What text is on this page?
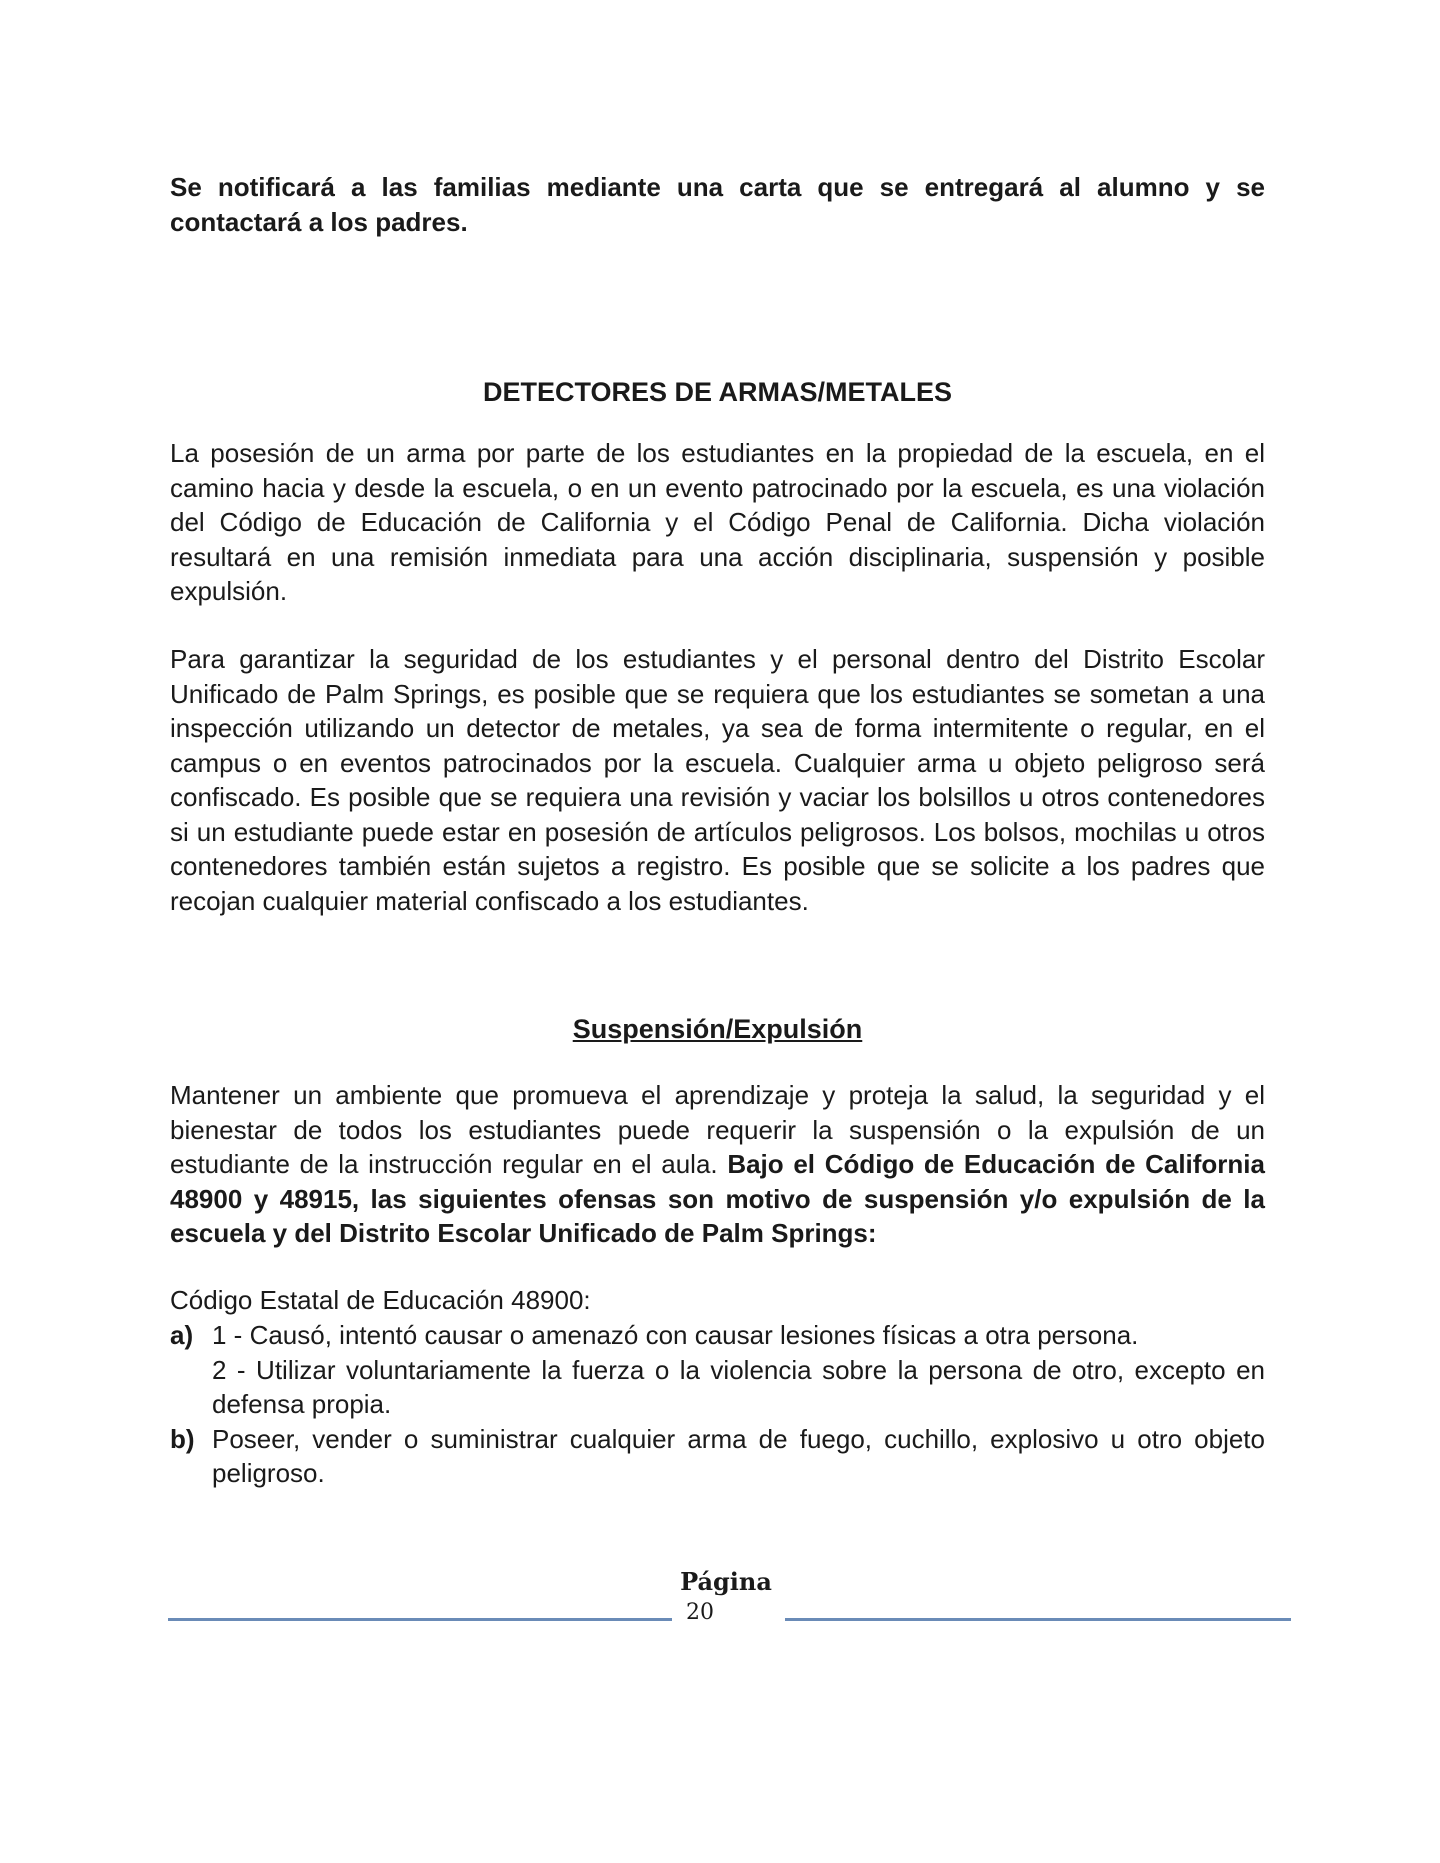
Se notificará a las familias mediante una carta que se entregará al alumno y se contactará a los padres.

DETECTORES DE ARMAS/METALES

La posesión de un arma por parte de los estudiantes en la propiedad de la escuela, en el camino hacia y desde la escuela, o en un evento patrocinado por la escuela, es una violación del Código de Educación de California y el Código Penal de California. Dicha violación resultará en una remisión inmediata para una acción disciplinaria, suspensión y posible expulsión.

Para garantizar la seguridad de los estudiantes y el personal dentro del Distrito Escolar Unificado de Palm Springs, es posible que se requiera que los estudiantes se sometan a una inspección utilizando un detector de metales, ya sea de forma intermitente o regular, en el campus o en eventos patrocinados por la escuela. Cualquier arma u objeto peligroso será confiscado. Es posible que se requiera una revisión y vaciar los bolsillos u otros contenedores si un estudiante puede estar en posesión de artículos peligrosos. Los bolsos, mochilas u otros contenedores también están sujetos a registro. Es posible que se solicite a los padres que recojan cualquier material confiscado a los estudiantes.

Suspensión/Expulsión

Mantener un ambiente que promueva el aprendizaje y proteja la salud, la seguridad y el bienestar de todos los estudiantes puede requerir la suspensión o la expulsión de un estudiante de la instrucción regular en el aula. Bajo el Código de Educación de California 48900 y 48915, las siguientes ofensas son motivo de suspensión y/o expulsión de la escuela y del Distrito Escolar Unificado de Palm Springs:

Código Estatal de Educación 48900:

a) 1 - Causó, intentó causar o amenazó con causar lesiones físicas a otra persona.
2 - Utilizar voluntariamente la fuerza o la violencia sobre la persona de otro, excepto en defensa propia.
b) Poseer, vender o suministrar cualquier arma de fuego, cuchillo, explosivo u otro objeto peligroso.
Página
20
